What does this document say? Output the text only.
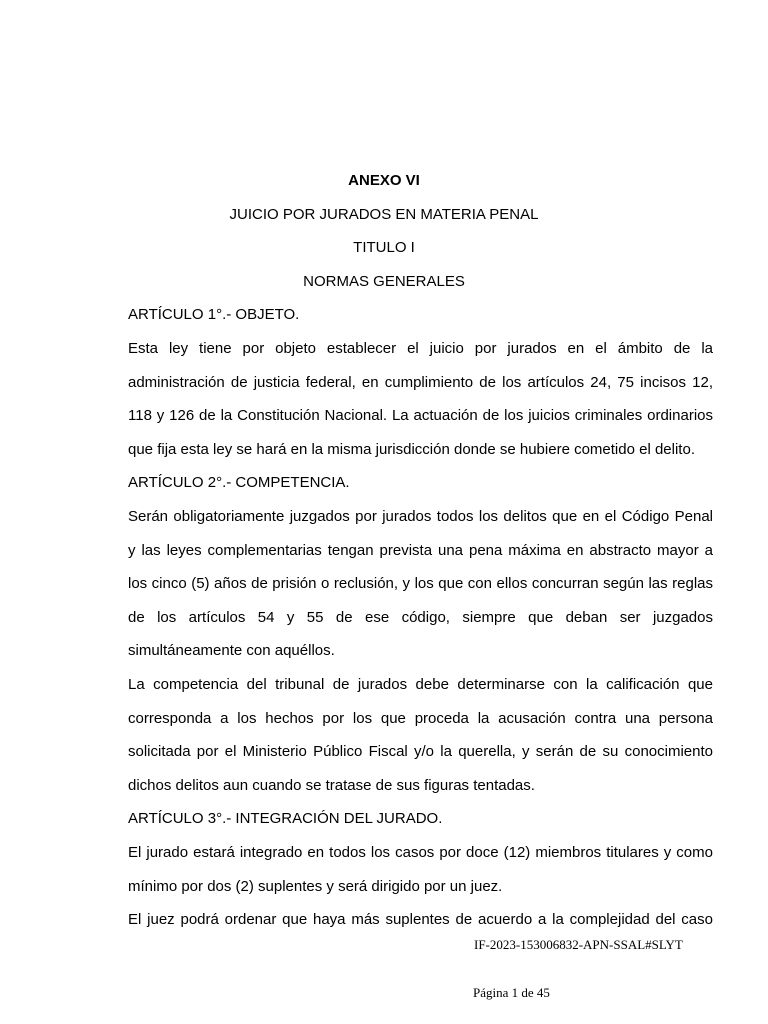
ANEXO VI
JUICIO POR JURADOS EN MATERIA PENAL
TITULO I
NORMAS GENERALES
ARTÍCULO 1°.- OBJETO.
Esta ley tiene por objeto establecer el juicio por jurados en el ámbito de la
administración de justicia federal, en cumplimiento de los artículos 24, 75 incisos 12,
118 y 126 de la Constitución Nacional. La actuación de los juicios criminales ordinarios
que fija esta ley se hará en la misma jurisdicción donde se hubiere cometido el delito.
ARTÍCULO 2°.- COMPETENCIA.
Serán obligatoriamente juzgados por jurados todos los delitos que en el Código Penal
y las leyes complementarias tengan prevista una pena máxima en abstracto mayor a
los cinco (5) años de prisión o reclusión, y los que con ellos concurran según las reglas
de los artículos 54 y 55 de ese código, siempre que deban ser juzgados
simultáneamente con aquéllos.
La competencia del tribunal de jurados debe determinarse con la calificación que
corresponda a los hechos por los que proceda la acusación contra una persona
solicitada por el Ministerio Público Fiscal y/o la querella, y serán de su conocimiento
dichos delitos aun cuando se tratase de sus figuras tentadas.
ARTÍCULO 3°.- INTEGRACIÓN DEL JURADO.
El jurado estará integrado en todos los casos por doce (12) miembros titulares y como
mínimo por dos (2) suplentes y será dirigido por un juez.
El juez podrá ordenar que haya más suplentes de acuerdo a la complejidad del caso
IF-2023-153006832-APN-SSAL#SLYT
Página 1 de 45
